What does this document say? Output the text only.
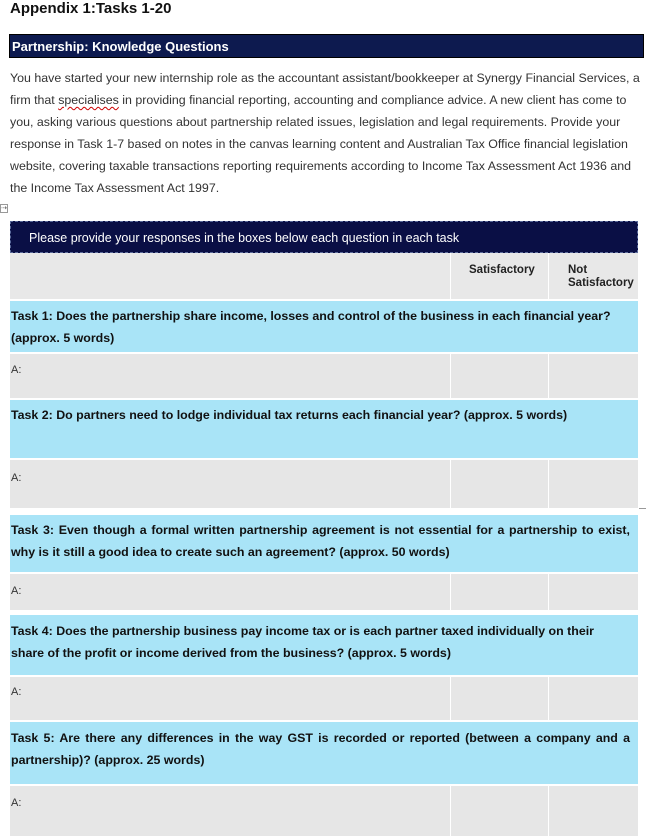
Appendix 1:Tasks 1-20
Partnership: Knowledge Questions
You have started your new internship role as the accountant assistant/bookkeeper at Synergy Financial Services, a firm that specialises in providing financial reporting, accounting and compliance advice. A new client has come to you, asking various questions about partnership related issues, legislation and legal requirements. Provide your response in Task 1-7 based on notes in the canvas learning content and Australian Tax Office financial legislation website, covering taxable transactions reporting requirements according to Income Tax Assessment Act 1936 and the Income Tax Assessment Act 1997.
⇢
Please provide your responses in the boxes below each question in each task
Satisfactory	Not Satisfactory
Task 1: Does the partnership share income, losses and control of the business in each financial year? (approx. 5 words)
A:
Task 2: Do partners need to lodge individual tax returns each financial year? (approx. 5 words)
A:
Task 3: Even though a formal written partnership agreement is not essential for a partnership to exist, why is it still a good idea to create such an agreement? (approx. 50 words)
A:
Task 4: Does the partnership business pay income tax or is each partner taxed individually on their share of the profit or income derived from the business? (approx. 5 words)
A:
Task 5: Are there any differences in the way GST is recorded or reported (between a company and a partnership)? (approx. 25 words)
A:
